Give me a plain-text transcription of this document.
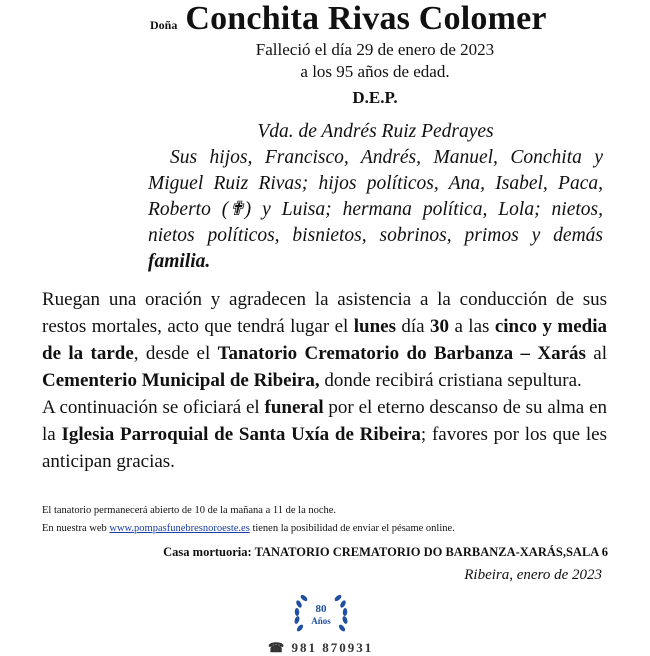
Doña Conchita Rivas Colomer
Falleció el día 29 de enero de 2023
a los 95 años de edad.
D.E.P.
Vda. de Andrés Ruiz Pedrayes
Sus hijos, Francisco, Andrés, Manuel, Conchita y Miguel Ruiz Rivas; hijos políticos, Ana, Isabel, Paca, Roberto (✟) y Luisa; hermana política, Lola; nietos, nietos políticos, bisnietos, sobrinos, primos y demás familia.

Ruegan una oración y agradecen la asistencia a la conducción de sus restos mortales, acto que tendrá lugar el lunes día 30 a las cinco y media de la tarde, desde el Tanatorio Crematorio do Barbanza – Xarás al Cementerio Municipal de Ribeira, donde recibirá cristiana sepultura.

A continuación se oficiará el funeral por el eterno descanso de su alma en la Iglesia Parroquial de Santa Uxía de Ribeira; favores por los que les anticipan gracias.

El tanatorio permanecerá abierto de 10 de la mañana a 11 de la noche.
En nuestra web www.pompasfunebresnoroeste.es tienen la posibilidad de enviar el pésame online.
Casa mortuoria: TANATORIO CREMATORIO DO BARBANZA-XARÁS,SALA 6
Ribeira, enero de 2023
80
Años
☎ 981 870931
